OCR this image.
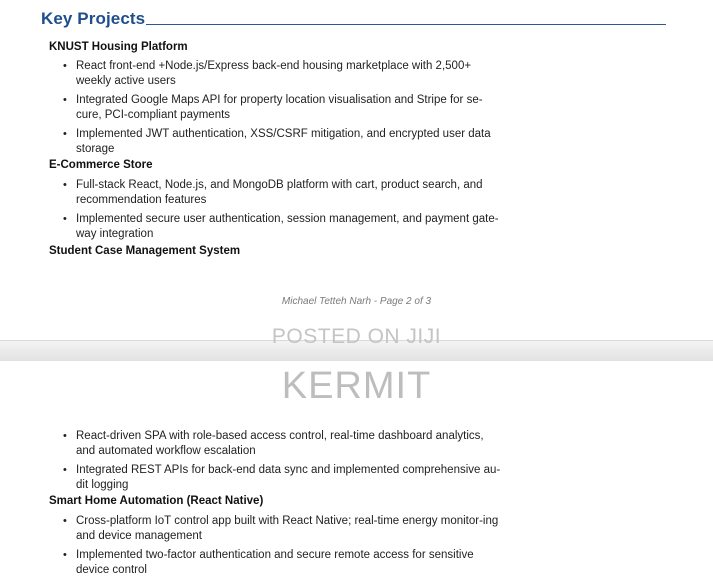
Key Projects
KNUST Housing Platform
• React front-end +Node.js/Express back-end housing marketplace with 2,500+ weekly active users
• Integrated Google Maps API for property location visualisation and Stripe for se-cure, PCI-compliant payments
• Implemented JWT authentication, XSS/CSRF mitigation, and encrypted user data storage
E-Commerce Store
• Full-stack React, Node.js, and MongoDB platform with cart, product search, and recommendation features
• Implemented secure user authentication, session management, and payment gate-way integration
Student Case Management System
Michael Tetteh Narh - Page 2 of 3
• React-driven SPA with role-based access control, real-time dashboard analytics, and automated workflow escalation
• Integrated REST APIs for back-end data sync and implemented comprehensive au-dit logging
Smart Home Automation (React Native)
• Cross-platform IoT control app built with React Native; real-time energy monitor-ing and device management
• Implemented two-factor authentication and secure remote access for sensitive device control
POSTED ON JIJI
KERMIT
